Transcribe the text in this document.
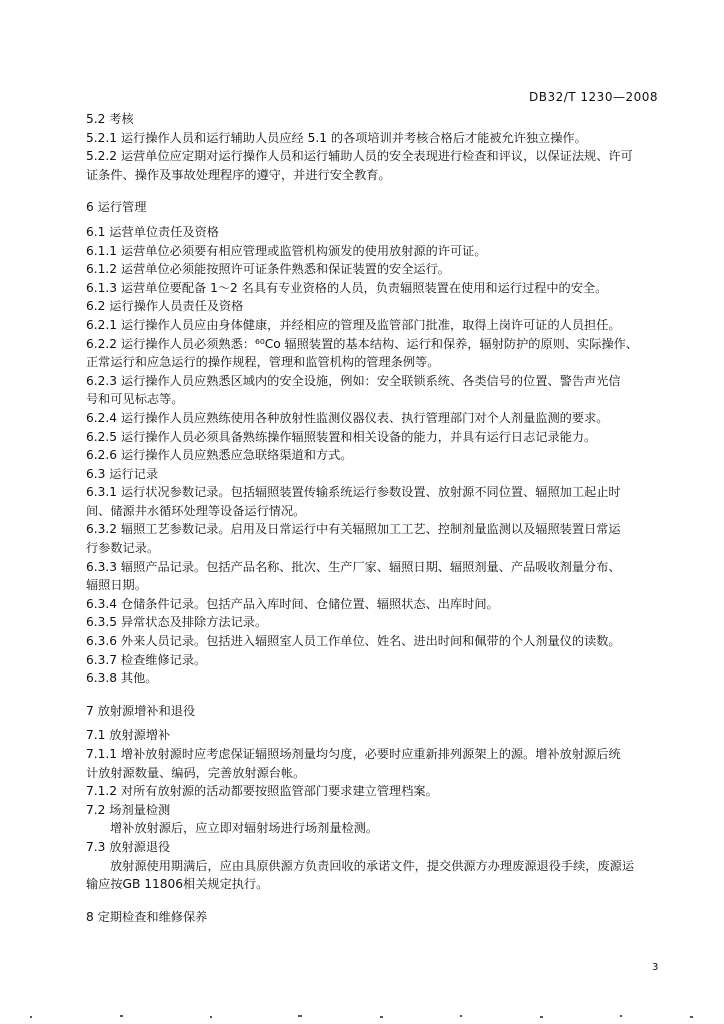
DB32/T 1230—2008
5.2 考核
5.2.1 运行操作人员和运行辅助人员应经 5.1 的各项培训并考核合格后才能被允许独立操作。
5.2.2 运营单位应定期对运行操作人员和运行辅助人员的安全表现进行检查和评议，以保证法规、许可
证条件、操作及事故处理程序的遵守，并进行安全教育。
6 运行管理
6.1 运营单位责任及资格
6.1.1 运营单位必须要有相应管理或监管机构颁发的使用放射源的许可证。
6.1.2 运营单位必须能按照许可证条件熟悉和保证装置的安全运行。
6.1.3 运营单位要配备 1～2 名具有专业资格的人员，负责辐照装置在使用和运行过程中的安全。
6.2 运行操作人员责任及资格
6.2.1 运行操作人员应由身体健康，并经相应的管理及监管部门批准，取得上岗许可证的人员担任。
6.2.2 运行操作人员必须熟悉：⁶⁰Co 辐照装置的基本结构、运行和保养，辐射防护的原则、实际操作、
正常运行和应急运行的操作规程，管理和监管机构的管理条例等。
6.2.3 运行操作人员应熟悉区域内的安全设施，例如：安全联锁系统、各类信号的位置、警告声光信
号和可见标志等。
6.2.4 运行操作人员应熟练使用各种放射性监测仪器仪表、执行管理部门对个人剂量监测的要求。
6.2.5 运行操作人员必须具备熟练操作辐照装置和相关设备的能力，并具有运行日志记录能力。
6.2.6 运行操作人员应熟悉应急联络渠道和方式。
6.3 运行记录
6.3.1 运行状况参数记录。包括辐照装置传输系统运行参数设置、放射源不同位置、辐照加工起止时
间、储源井水循环处理等设备运行情况。
6.3.2 辐照工艺参数记录。启用及日常运行中有关辐照加工工艺、控制剂量监测以及辐照装置日常运
行参数记录。
6.3.3 辐照产品记录。包括产品名称、批次、生产厂家、辐照日期、辐照剂量、产品吸收剂量分布、
辐照日期。
6.3.4 仓储条件记录。包括产品入库时间、仓储位置、辐照状态、出库时间。
6.3.5 异常状态及排除方法记录。
6.3.6 外来人员记录。包括进入辐照室人员工作单位、姓名、进出时间和佩带的个人剂量仪的读数。
6.3.7 检查维修记录。
6.3.8 其他。
7 放射源增补和退役
7.1 放射源增补
7.1.1 增补放射源时应考虑保证辐照场剂量均匀度，必要时应重新排列源架上的源。增补放射源后统
计放射源数量、编码，完善放射源台帐。
7.1.2 对所有放射源的活动都要按照监管部门要求建立管理档案。
7.2 场剂量检测
增补放射源后，应立即对辐射场进行场剂量检测。
7.3 放射源退役
放射源使用期满后，应由具原供源方负责回收的承诺文件，提交供源方办理废源退役手续，废源运
输应按GB 11806相关规定执行。
8 定期检查和维修保养
3
